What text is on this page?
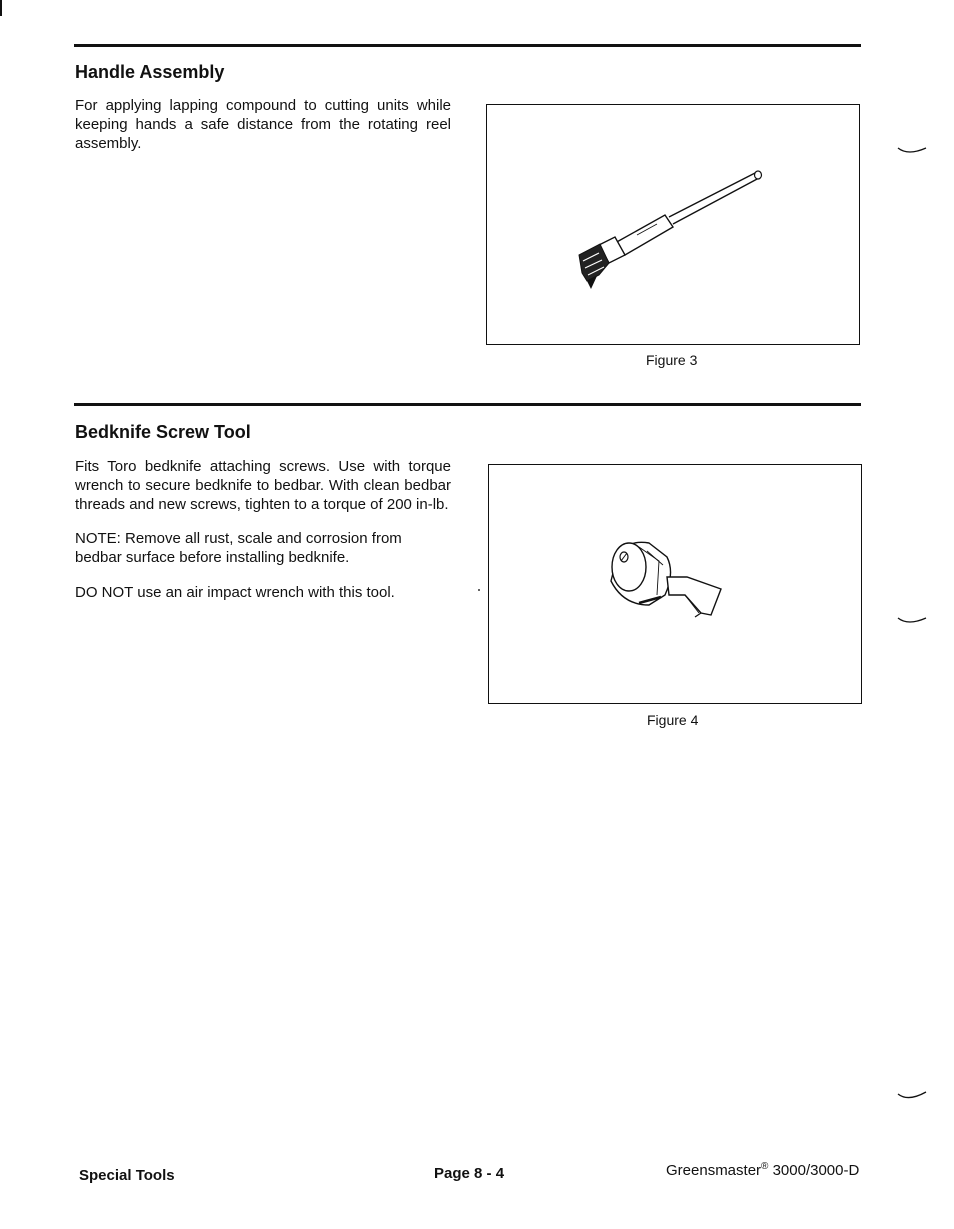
Handle Assembly

For applying lapping compound to cutting units while keeping hands a safe distance from the rotating reel assembly.

Figure 3
Bedknife Screw Tool

Fits Toro bedknife attaching screws. Use with torque wrench to secure bedknife to bedbar. With clean bedbar threads and new screws, tighten to a torque of 200 in-lb.

NOTE: Remove all rust, scale and corrosion from bedbar surface before installing bedknife.

DO NOT use an air impact wrench with this tool.

Figure 4
Special Tools	Page 8 - 4	Greensmaster® 3000/3000-D
